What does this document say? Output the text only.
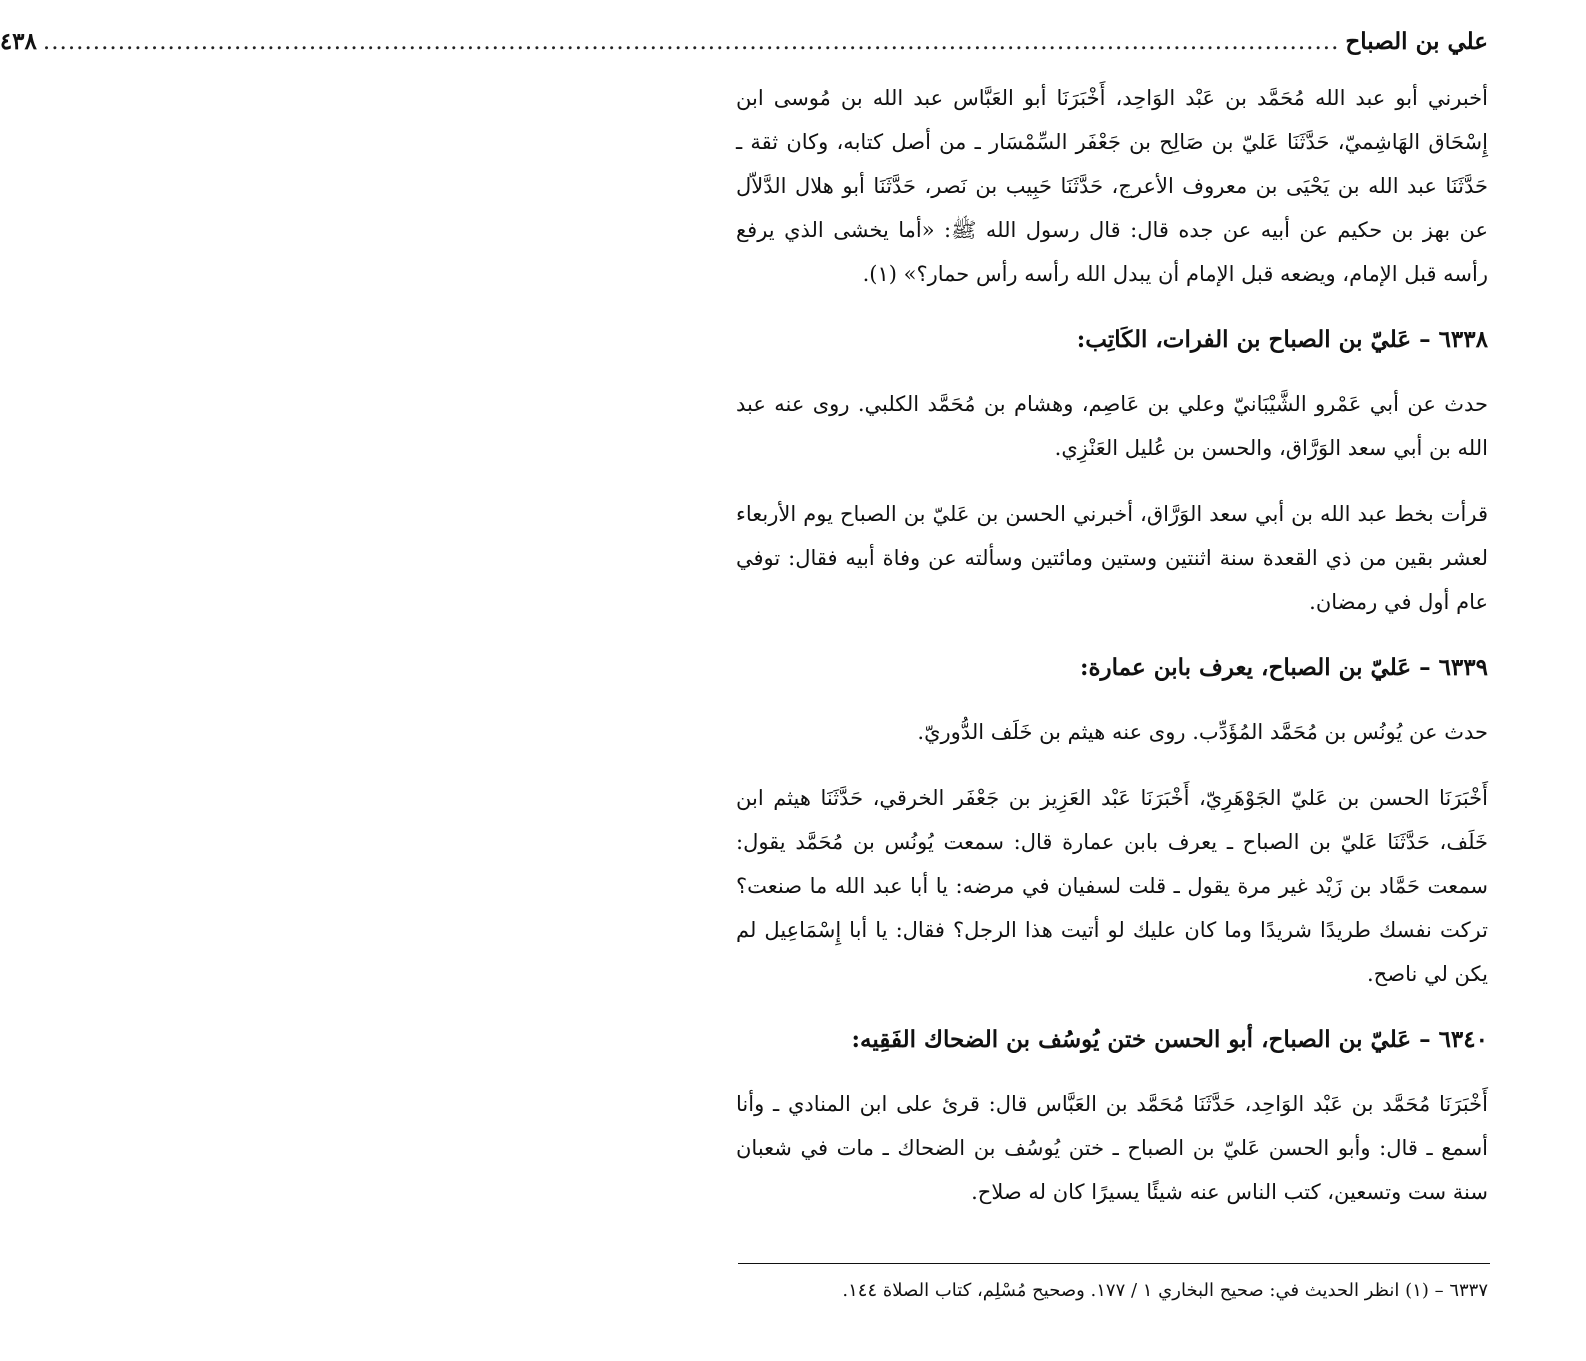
علي بن الصباح
............................................................................................................................................................
٤٣٨

أخبرني أبو عبد الله مُحَمَّد بن عَبْد الوَاحِد، أَخْبَرَنَا أبو العَبَّاس عبد الله بن مُوسى ابن إِسْحَاق الهَاشِميّ، حَدَّثَنَا عَليّ بن صَالِح بن جَعْفَر السِّمْسَار ـ من أصل كتابه، وكان ثقة ـ حَدَّثَنَا عبد الله بن يَحْيَى بن معروف الأعرج، حَدَّثَنَا حَبِيب بن نَصر، حَدَّثَنَا أبو هلال الدَّلاّل عن بهز بن حكيم عن أبيه عن جده قال: قال رسول الله ﷺ: «أما يخشى الذي يرفع رأسه قبل الإمام، ويضعه قبل الإمام أن يبدل الله رأسه رأس حمار؟» (١).

٦٣٣٨ – عَليّ بن الصباح بن الفرات، الكَاتِب:

حدث عن أبي عَمْرو الشَّيْبَانيّ وعلي بن عَاصِم، وهشام بن مُحَمَّد الكلبي. روى عنه عبد الله بن أبي سعد الوَرَّاق، والحسن بن عُليل العَنْزِي.

قرأت بخط عبد الله بن أبي سعد الوَرَّاق، أخبرني الحسن بن عَليّ بن الصباح يوم الأربعاء لعشر بقين من ذي القعدة سنة اثنتين وستين ومائتين وسألته عن وفاة أبيه فقال: توفي عام أول في رمضان.

٦٣٣٩ – عَليّ بن الصباح، يعرف بابن عمارة:

حدث عن يُونُس بن مُحَمَّد المُؤَدِّب. روى عنه هيثم بن خَلَف الدُّوريّ.

أَخْبَرَنَا الحسن بن عَليّ الجَوْهَرِيّ، أَخْبَرَنَا عَبْد العَزِيز بن جَعْفَر الخرقي، حَدَّثَنَا هيثم ابن خَلَف، حَدَّثَنَا عَليّ بن الصباح ـ يعرف بابن عمارة قال: سمعت يُونُس بن مُحَمَّد يقول: سمعت حَمَّاد بن زَيْد غير مرة يقول ـ قلت لسفيان في مرضه: يا أبا عبد الله ما صنعت؟ تركت نفسك طريدًا شريدًا وما كان عليك لو أتيت هذا الرجل؟ فقال: يا أبا إِسْمَاعِيل لم يكن لي ناصح.

٦٣٤٠ – عَليّ بن الصباح، أبو الحسن ختن يُوسُف بن الضحاك الفَقِيه:

أَخْبَرَنَا مُحَمَّد بن عَبْد الوَاحِد، حَدَّثَنَا مُحَمَّد بن العَبَّاس قال: قرئ على ابن المنادي ـ وأنا أسمع ـ قال: وأبو الحسن عَليّ بن الصباح ـ ختن يُوسُف بن الضحاك ـ مات في شعبان سنة ست وتسعين، كتب الناس عنه شيئًا يسيرًا كان له صلاح.

٦٣٣٧ – (١) انظر الحديث في: صحيح البخاري ١ / ١٧٧. وصحيح مُسْلِم، كتاب الصلاة ١٤٤.
